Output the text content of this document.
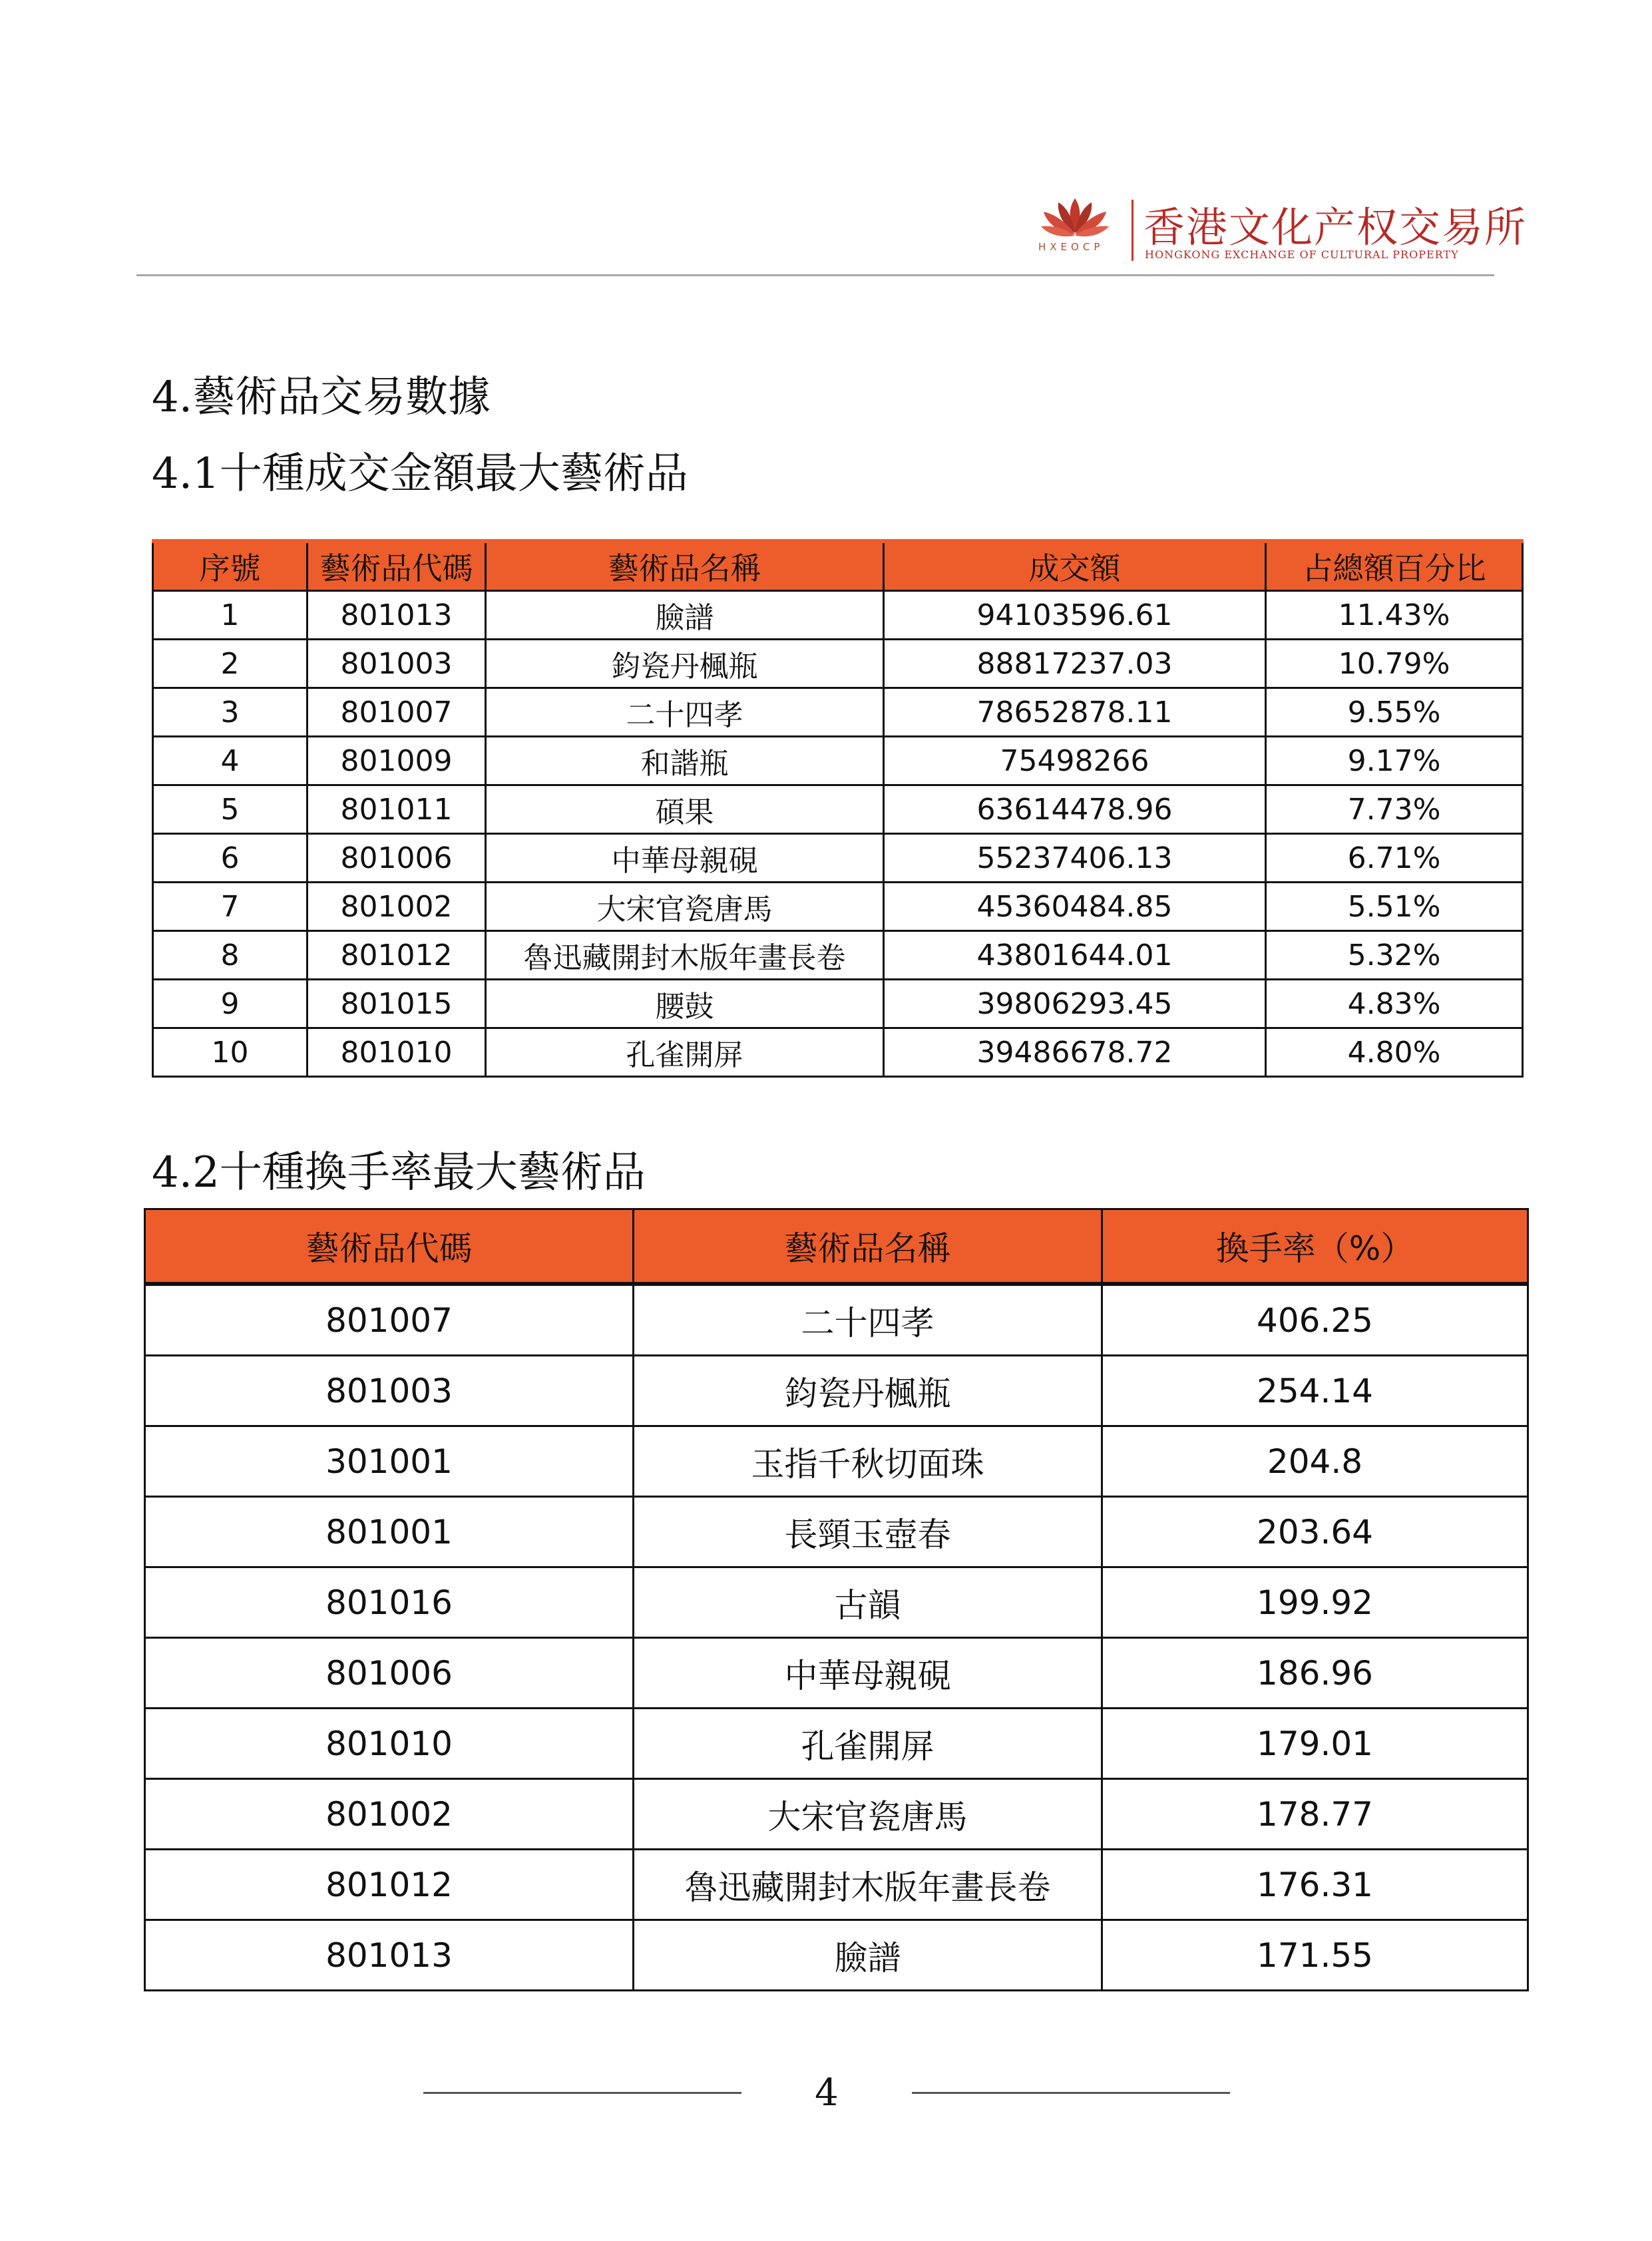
HXEOCP 香港文化产权交易所
HONGKONG EXCHANGE OF CULTURAL PROPERTY
4.藝術品交易數據
4.1十種成交金額最大藝術品
序號	藝術品代碼	藝術品名稱	成交額	占總額百分比
1	801013	臉譜	94103596.61	11.43%
2	801003	鈞瓷丹楓瓶	88817237.03	10.79%
3	801007	二十四孝	78652878.11	9.55%
4	801009	和諧瓶	75498266	9.17%
5	801011	碩果	63614478.96	7.73%
6	801006	中華母親硯	55237406.13	6.71%
7	801002	大宋官瓷唐馬	45360484.85	5.51%
8	801012	魯迅藏開封木版年畫長卷	43801644.01	5.32%
9	801015	腰鼓	39806293.45	4.83%
10	801010	孔雀開屏	39486678.72	4.80%
4.2十種換手率最大藝術品
藝術品代碼	藝術品名稱	換手率（%）
801007	二十四孝	406.25
801003	鈞瓷丹楓瓶	254.14
301001	玉指千秋切面珠	204.8
801001	長頸玉壺春	203.64
801016	古韻	199.92
801006	中華母親硯	186.96
801010	孔雀開屏	179.01
801002	大宋官瓷唐馬	178.77
801012	魯迅藏開封木版年畫長卷	176.31
801013	臉譜	171.55
4
